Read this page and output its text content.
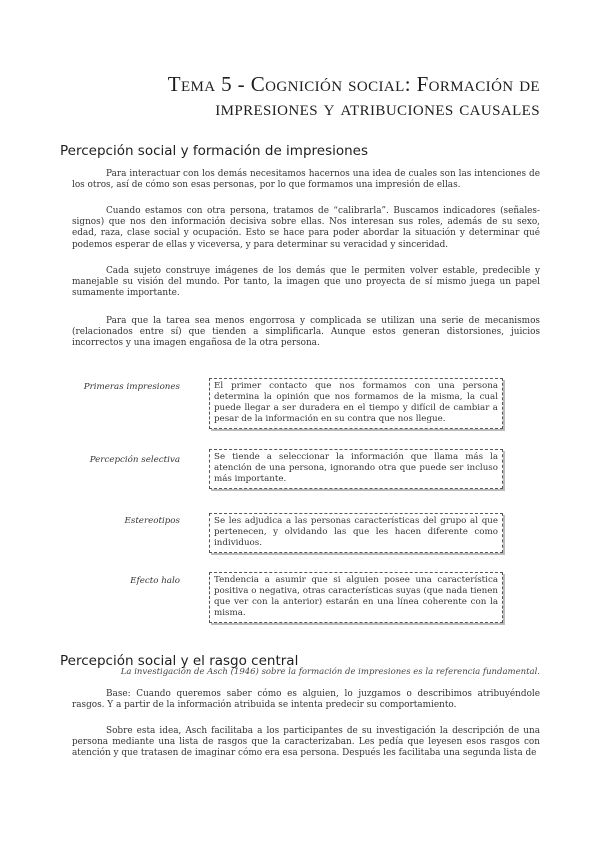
Tema 5 - Cognición social: Formación de
impresiones y atribuciones causales
Percepción social y formación de impresiones
Para interactuar con los demás necesitamos hacernos una idea de cuales son las intenciones de los otros, así de cómo son esas personas, por lo que formamos una impresión de ellas.
Cuando estamos con otra persona, tratamos de “calibrarla”. Buscamos indicadores (señales-signos) que nos den información decisiva sobre ellas. Nos interesan sus roles, además de su sexo, edad, raza, clase social y ocupación. Esto se hace para poder abordar la situación y determinar qué podemos esperar de ellas y viceversa, y para determinar su veracidad y sinceridad.
Cada sujeto construye imágenes de los demás que le permiten volver estable, predecible y manejable su visión del mundo. Por tanto, la imagen que uno proyecta de sí mismo juega un papel sumamente importante.
Para que la tarea sea menos engorrosa y complicada se utilizan una serie de mecanismos (relacionados entre sí) que tienden a simplificarla. Aunque estos generan distorsiones, juicios incorrectos y una imagen engañosa de la otra persona.
Primeras impresiones	El primer contacto que nos formamos con una persona determina la opinión que nos formamos de la misma, la cual puede llegar a ser duradera en el tiempo y difícil de cambiar a pesar de la información en su contra que nos llegue.
Percepción selectiva	Se tiende a seleccionar la información que llama más la atención de una persona, ignorando otra que puede ser incluso más importante.
Estereotipos	Se les adjudica a las personas características del grupo al que pertenecen, y olvidando las que les hacen diferente como individuos.
Efecto halo	Tendencia a asumir que si alguien posee una característica positiva o negativa, otras características suyas (que nada tienen que ver con la anterior) estarán en una línea coherente con la misma.
Percepción social y el rasgo central
La investigación de Asch (1946) sobre la formación de impresiones es la referencia fundamental.
Base: Cuando queremos saber cómo es alguien, lo juzgamos o describimos atribuyéndole rasgos. Y a partir de la información atribuida se intenta predecir su comportamiento.
Sobre esta idea, Asch facilitaba a los participantes de su investigación la descripción de una persona mediante una lista de rasgos que la caracterizaban. Les pedía que leyesen esos rasgos con atención y que tratasen de imaginar cómo era esa persona. Después les facilitaba una segunda lista de
